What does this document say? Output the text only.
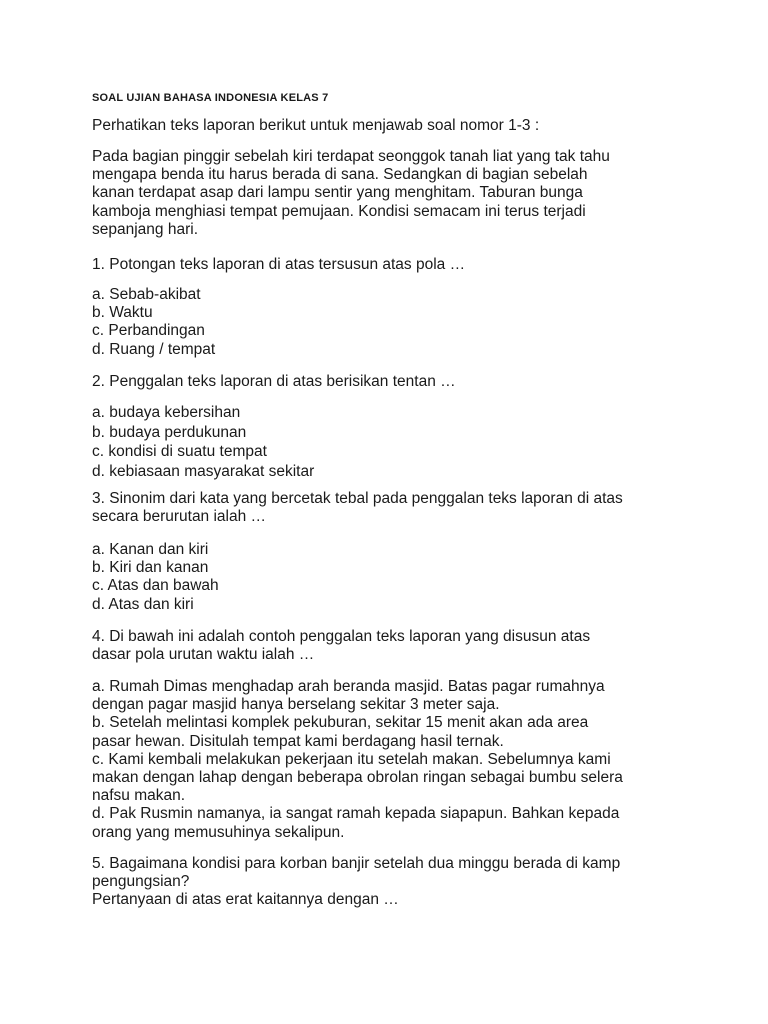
SOAL UJIAN BAHASA INDONESIA KELAS 7

Perhatikan teks laporan berikut untuk menjawab soal nomor 1-3 :

Pada bagian pinggir sebelah kiri terdapat seonggok tanah liat yang tak tahu

mengapa benda itu harus berada di sana. Sedangkan di bagian sebelah

kanan terdapat asap dari lampu sentir yang menghitam. Taburan bunga

kamboja menghiasi tempat pemujaan. Kondisi semacam ini terus terjadi

sepanjang hari.

1. Potongan teks laporan di atas tersusun atas pola …

a. Sebab-akibat

b. Waktu

c. Perbandingan

d. Ruang / tempat

2. Penggalan teks laporan di atas berisikan tentan …

a. budaya kebersihan

b. budaya perdukunan

c. kondisi di suatu tempat

d. kebiasaan masyarakat sekitar

3. Sinonim dari kata yang bercetak tebal pada penggalan teks laporan di atas

secara berurutan ialah …

a. Kanan dan kiri

b. Kiri dan kanan

c. Atas dan bawah

d. Atas dan kiri

4. Di bawah ini adalah contoh penggalan teks laporan yang disusun atas

dasar pola urutan waktu ialah …

a. Rumah Dimas menghadap arah beranda masjid. Batas pagar rumahnya

dengan pagar masjid hanya berselang sekitar 3 meter saja.

b. Setelah melintasi komplek pekuburan, sekitar 15 menit akan ada area

pasar hewan. Disitulah tempat kami berdagang hasil ternak.

c. Kami kembali melakukan pekerjaan itu setelah makan. Sebelumnya kami

makan dengan lahap dengan beberapa obrolan ringan sebagai bumbu selera

nafsu makan.

d. Pak Rusmin namanya, ia sangat ramah kepada siapapun. Bahkan kepada

orang yang memusuhinya sekalipun.

5. Bagaimana kondisi para korban banjir setelah dua minggu berada di kamp

pengungsian?

Pertanyaan di atas erat kaitannya dengan …
